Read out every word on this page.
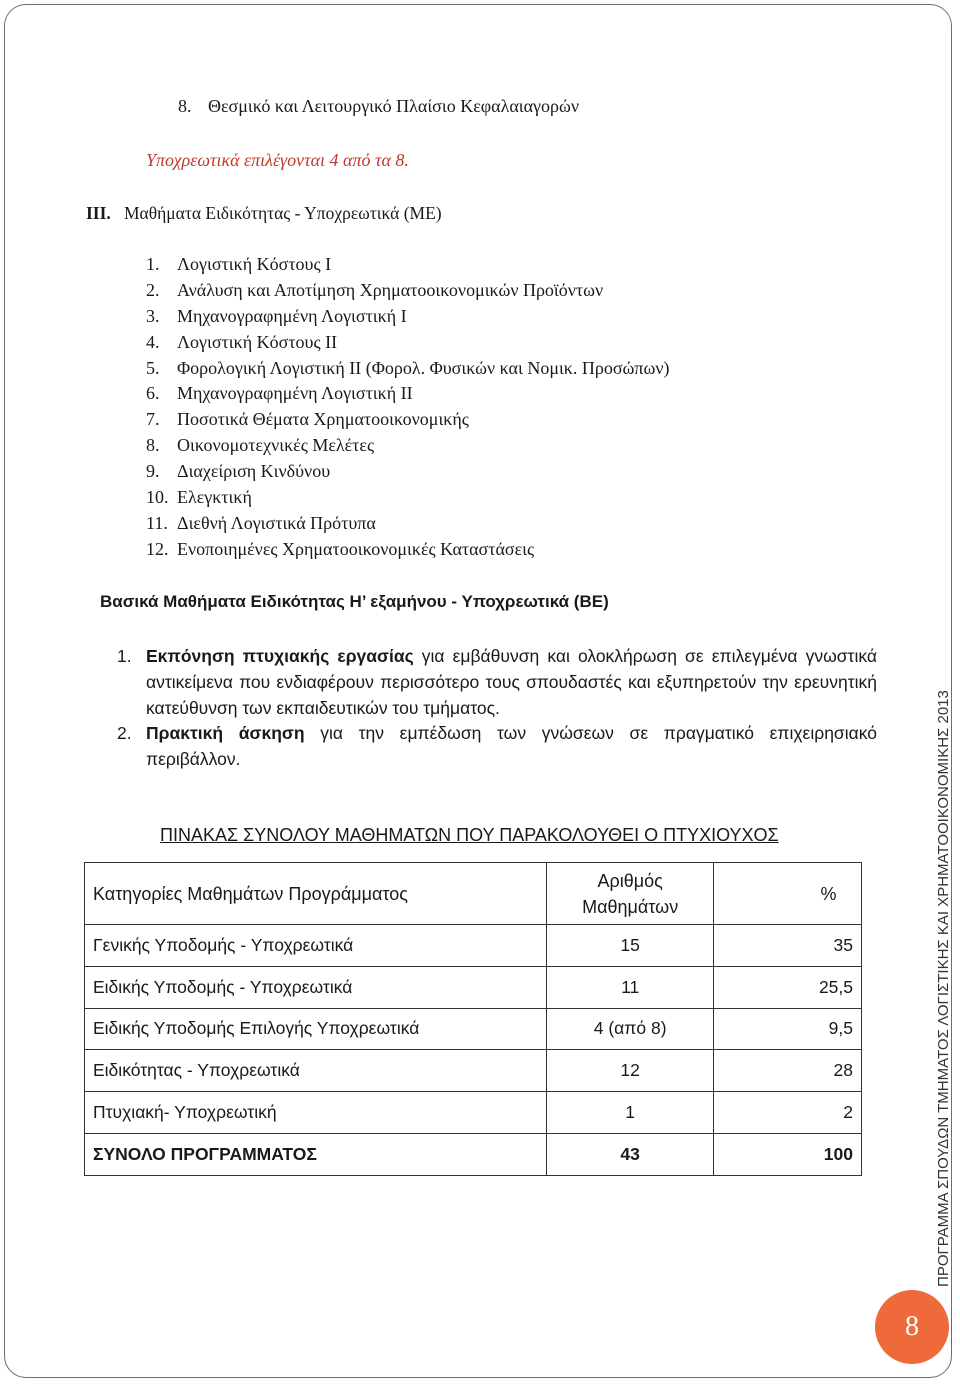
8. Θεσμικό και Λειτουργικό Πλαίσιο Κεφαλαιαγορών
Υποχρεωτικά επιλέγονται 4 από τα 8.
III. Μαθήματα Ειδικότητας - Υποχρεωτικά (ΜΕ)
1. Λογιστική Κόστους Ι
2. Ανάλυση και Αποτίμηση Χρηματοοικονομικών Προϊόντων
3. Μηχανογραφημένη Λογιστική Ι
4. Λογιστική Κόστους ΙΙ
5. Φορολογική Λογιστική ΙΙ (Φορολ. Φυσικών και Νομικ. Προσώπων)
6. Μηχανογραφημένη Λογιστική ΙΙ
7. Ποσοτικά Θέματα Χρηματοοικονομικής
8. Οικονομοτεχνικές Μελέτες
9. Διαχείριση Κινδύνου
10. Ελεγκτική
11. Διεθνή Λογιστικά Πρότυπα
12. Ενοποιημένες Χρηματοοικονομικές Καταστάσεις
Βασικά Μαθήματα Ειδικότητας Η’ εξαμήνου - Υποχρεωτικά (ΒΕ)
1. Εκπόνηση πτυχιακής εργασίας για εμβάθυνση και ολοκλήρωση σε επιλεγμένα γνωστικά αντικείμενα που ενδιαφέρουν περισσότερο τους σπουδαστές και εξυπηρετούν την ερευνητική κατεύθυνση των εκπαιδευτικών του τμήματος.
2. Πρακτική άσκηση για την εμπέδωση των γνώσεων σε πραγματικό επιχειρησιακό περιβάλλον.
ΠΙΝΑΚΑΣ ΣΥΝΟΛΟΥ ΜΑΘΗΜΑΤΩΝ ΠΟΥ ΠΑΡΑΚΟΛΟΥΘΕΙ Ο ΠΤΥΧΙΟΥΧΟΣ
Κατηγορίες Μαθημάτων Προγράμματος	Αριθμός Μαθημάτων	%
Γενικής Υποδομής - Υποχρεωτικά	15	35
Ειδικής Υποδομής - Υποχρεωτικά	11	25,5
Ειδικής Υποδομής Επιλογής Υποχρεωτικά	4 (από 8)	9,5
Ειδικότητας - Υποχρεωτικά	12	28
Πτυχιακή- Υποχρεωτική	1	2
ΣΥΝΟΛΟ ΠΡΟΓΡΑΜΜΑΤΟΣ	43	100	ΠΡΟΓΡΑΜΜΑ ΣΠΟΥΔΩΝ ΤΜΗΜΑΤΟΣ ΛΟΓΙΣΤΙΚΗΣ ΚΑΙ ΧΡΗΜΑΤΟΟΙΚΟΝΟΜΙΚΗΣ 2013
8
